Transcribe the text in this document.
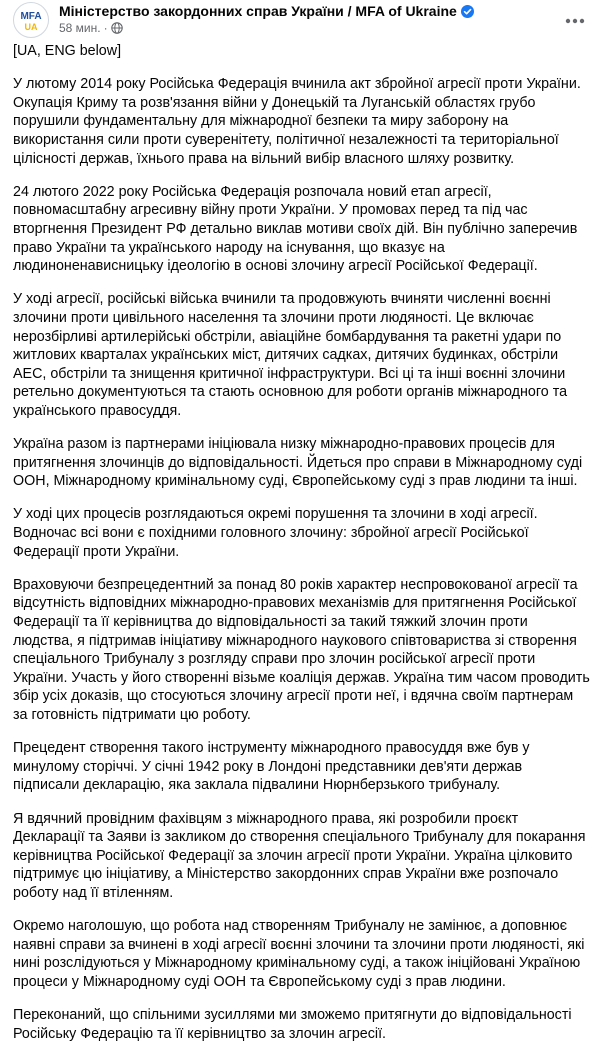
MFA
UA
Міністерство закордонних справ України / MFA of Ukraine
58 мин. ·

[UA, ENG below]

У лютому 2014 року Російська Федерація вчинила акт збройної агресії проти України. Окупація Криму та розв'язання війни у Донецькій та Луганській областях грубо порушили фундаментальну для міжнародної безпеки та миру заборону на використання сили проти суверенітету, політичної незалежності та територіальної цілісності держав, їхнього права на вільний вибір власного шляху розвитку.

24 лютого 2022 року Російська Федерація розпочала новий етап агресії, повномасштабну агресивну війну проти України. У промовах перед та під час вторгнення Президент РФ детально виклав мотиви своїх дій. Він публічно заперечив право України та українського народу на існування, що вказує на людиноненависницьку ідеологію в основі злочину агресії Російської Федерації.

У ході агресії, російські війська вчинили та продовжують вчиняти численні воєнні злочини проти цивільного населення та злочини проти людяності. Це включає нерозбірливі артилерійські обстріли, авіаційне бомбардування та ракетні удари по житлових кварталах українських міст, дитячих садках, дитячих будинках, обстріли АЕС, обстріли та знищення критичної інфраструктури. Всі ці та інші воєнні злочини ретельно документуються та стають основною для роботи органів міжнародного та українського правосуддя.

Україна разом із партнерами ініціювала низку міжнародно-правових процесів для притягнення злочинців до відповідальності. Йдеться про справи в Міжнародному суді ООН, Міжнародному кримінальному суді, Європейському суді з прав людини та інші.

У ході цих процесів розглядаються окремі порушення та злочини в ході агресії. Водночас всі вони є похідними головного злочину: збройної агресії Російської Федерації проти України.

Враховуючи безпрецедентний за понад 80 років характер неспровокованої агресії та відсутність відповідних міжнародно-правових механізмів для притягнення Російської Федерації та її керівництва до відповідальності за такий тяжкий злочин проти людства, я підтримав ініціативу міжнародного наукового співтовариства зі створення спеціального Трибуналу з розгляду справи про злочин російської агресії проти України. Участь у його створенні візьме коаліція держав. Україна тим часом проводить збір усіх доказів, що стосуються злочину агресії проти неї, і вдячна своїм партнерам за готовність підтримати цю роботу.

Прецедент створення такого інструменту міжнародного правосуддя вже був у минулому сторіччі. У січні 1942 року в Лондоні представники дев'яти держав підписали декларацію, яка заклала підвалини Нюрнберзького трибуналу.

Я вдячний провідним фахівцям з міжнародного права, які розробили проєкт Декларації та Заяви із закликом до створення спеціального Трибуналу для покарання керівництва Російської Федерації за злочин агресії проти України. Україна цілковито підтримує цю ініціативу, а Міністерство закордонних справ України вже розпочало роботу над її втіленням.

Окремо наголошую, що робота над створенням Трибуналу не замінює, а доповнює наявні справи за вчинені в ході агресії воєнні злочини та злочини проти людяності, які нині розслідуються у Міжнародному кримінальному суді, а також ініційовані Україною процеси у Міжнародному суді ООН та Європейському суді з прав людини.

Переконаний, що спільними зусиллями ми зможемо притягнути до відповідальності Російську Федерацію та її керівництво за злочин агресії.
